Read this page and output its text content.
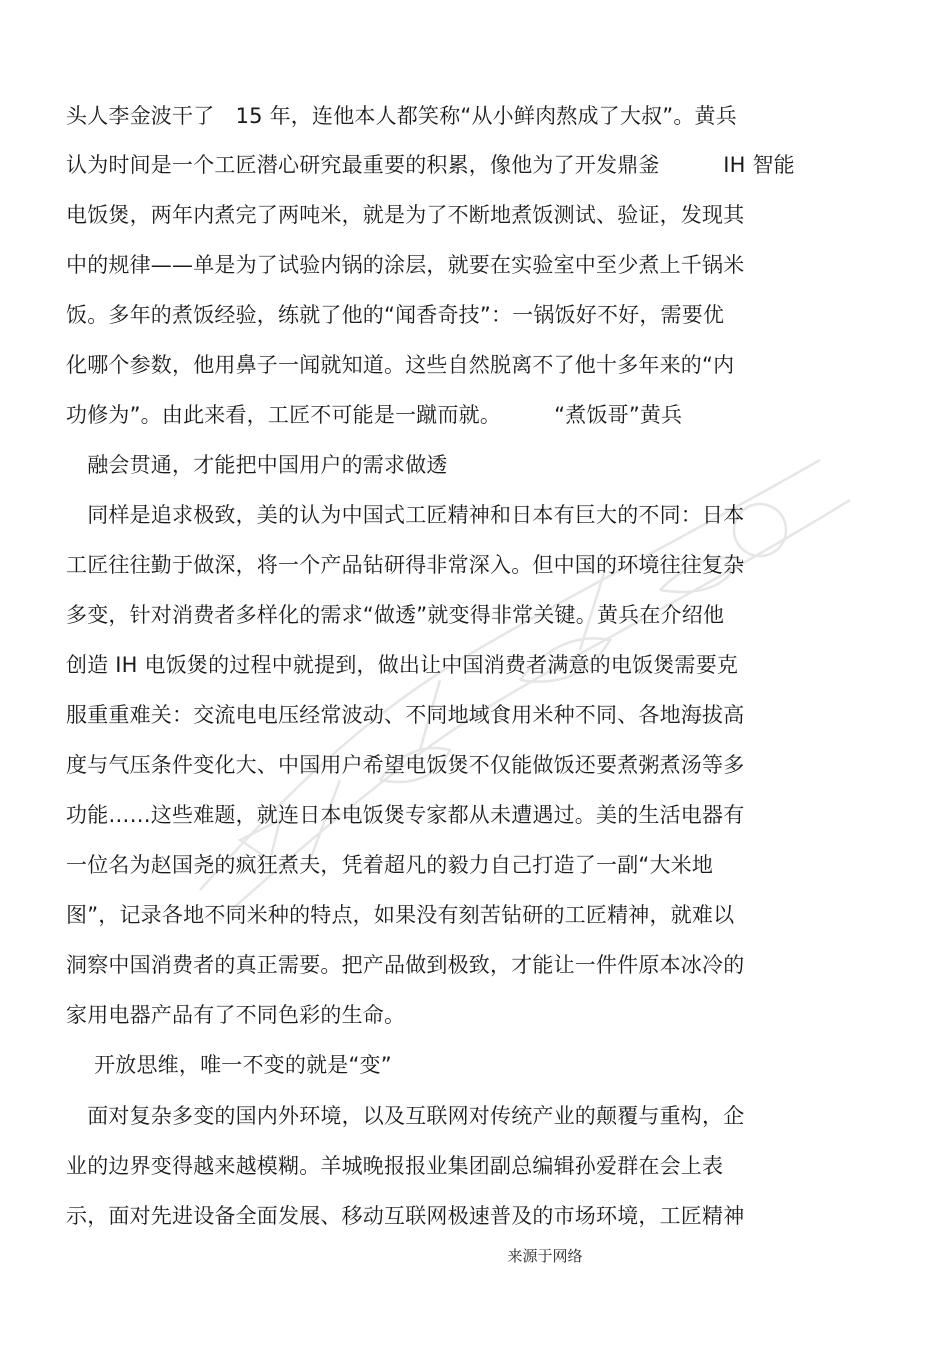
头人李金波干了　15 年，连他本人都笑称“从小鲜肉熬成了大叔”。黄兵
认为时间是一个工匠潜心研究最重要的积累，像他为了开发鼎釜　　　IH 智能
电饭煲，两年内煮完了两吨米，就是为了不断地煮饭测试、验证，发现其
中的规律——单是为了试验内锅的涂层，就要在实验室中至少煮上千锅米
饭。多年的煮饭经验，练就了他的“闻香奇技”：一锅饭好不好，需要优
化哪个参数，他用鼻子一闻就知道。这些自然脱离不了他十多年来的“内
功修为”。由此来看，工匠不可能是一蹴而就。　　　“煮饭哥”黄兵
　融会贯通，才能把中国用户的需求做透
　同样是追求极致，美的认为中国式工匠精神和日本有巨大的不同：日本
工匠往往勤于做深，将一个产品钻研得非常深入。但中国的环境往往复杂
多变，针对消费者多样化的需求“做透”就变得非常关键。黄兵在介绍他
创造 IH 电饭煲的过程中就提到，做出让中国消费者满意的电饭煲需要克
服重重难关：交流电电压经常波动、不同地域食用米种不同、各地海拔高
度与气压条件变化大、中国用户希望电饭煲不仅能做饭还要煮粥煮汤等多
功能……这些难题，就连日本电饭煲专家都从未遭遇过。美的生活电器有
一位名为赵国尧的疯狂煮夫，凭着超凡的毅力自己打造了一副“大米地
图”，记录各地不同米种的特点，如果没有刻苦钻研的工匠精神，就难以
洞察中国消费者的真正需要。把产品做到极致，才能让一件件原本冰冷的
家用电器产品有了不同色彩的生命。
　 开放思维，唯一不变的就是“变”
　面对复杂多变的国内外环境，以及互联网对传统产业的颠覆与重构，企
业的边界变得越来越模糊。羊城晚报报业集团副总编辑孙爱群在会上表
示，面对先进设备全面发展、移动互联网极速普及的市场环境，工匠精神
来源于网络
